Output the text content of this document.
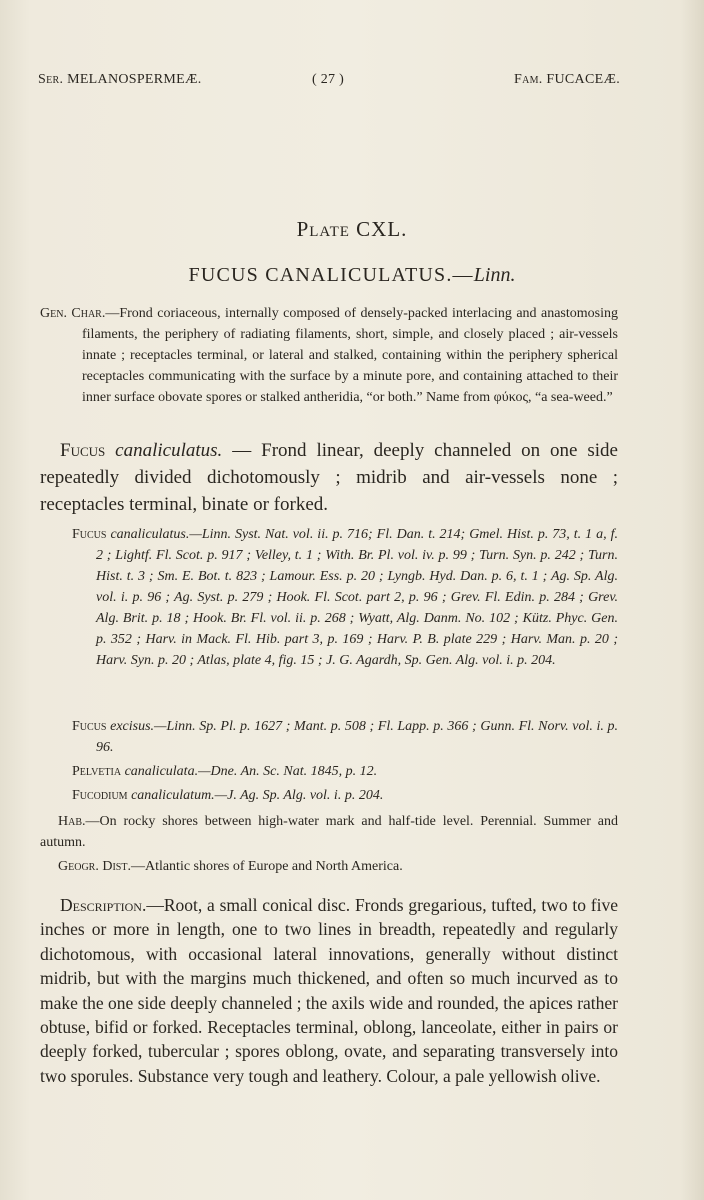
Ser. MELANOSPERMEÆ.	( 27 )	Fam. FUCACEÆ.
Plate CXL.
FUCUS CANALICULATUS.—Linn.

Gen. Char.—Frond coriaceous, internally composed of densely-packed interlacing and anastomosing filaments, the periphery of radiating filaments, short, simple, and closely placed ; air-vessels innate ; receptacles terminal, or lateral and stalked, containing within the periphery spherical receptacles communicating with the surface by a minute pore, and containing attached to their inner surface obovate spores or stalked antheridia, “or both.” Name from φύκος, “a sea-weed.”

Fucus canaliculatus. — Frond linear, deeply channeled on one side repeatedly divided dichotomously ; midrib and air-vessels none ; receptacles terminal, binate or forked.

Fucus canaliculatus.—Linn. Syst. Nat. vol. ii. p. 716; Fl. Dan. t. 214; Gmel. Hist. p. 73, t. 1 a, f. 2 ; Lightf. Fl. Scot. p. 917 ; Velley, t. 1 ; With. Br. Pl. vol. iv. p. 99 ; Turn. Syn. p. 242 ; Turn. Hist. t. 3 ; Sm. E. Bot. t. 823 ; Lamour. Ess. p. 20 ; Lyngb. Hyd. Dan. p. 6, t. 1 ; Ag. Sp. Alg. vol. i. p. 96 ; Ag. Syst. p. 279 ; Hook. Fl. Scot. part 2, p. 96 ; Grev. Fl. Edin. p. 284 ; Grev. Alg. Brit. p. 18 ; Hook. Br. Fl. vol. ii. p. 268 ; Wyatt, Alg. Danm. No. 102 ; Kütz. Phyc. Gen. p. 352 ; Harv. in Mack. Fl. Hib. part 3, p. 169 ; Harv. P. B. plate 229 ; Harv. Man. p. 20 ; Harv. Syn. p. 20 ; Atlas, plate 4, fig. 15 ; J. G. Agardh, Sp. Gen. Alg. vol. i. p. 204.

Fucus excisus.—Linn. Sp. Pl. p. 1627 ; Mant. p. 508 ; Fl. Lapp. p. 366 ; Gunn. Fl. Norv. vol. i. p. 96.

Pelvetia canaliculata.—Dne. An. Sc. Nat. 1845, p. 12.

Fucodium canaliculatum.—J. Ag. Sp. Alg. vol. i. p. 204.

Hab.—On rocky shores between high-water mark and half-tide level. Perennial. Summer and autumn.

Geogr. Dist.—Atlantic shores of Europe and North America.

Description.—Root, a small conical disc. Fronds gregarious, tufted, two to five inches or more in length, one to two lines in breadth, repeatedly and regularly dichotomous, with occasional lateral innovations, generally without distinct midrib, but with the margins much thickened, and often so much incurved as to make the one side deeply channeled ; the axils wide and rounded, the apices rather obtuse, bifid or forked. Receptacles terminal, oblong, lanceolate, either in pairs or deeply forked, tubercular ; spores oblong, ovate, and separating transversely into two sporules. Substance very tough and leathery. Colour, a pale yellowish olive.
